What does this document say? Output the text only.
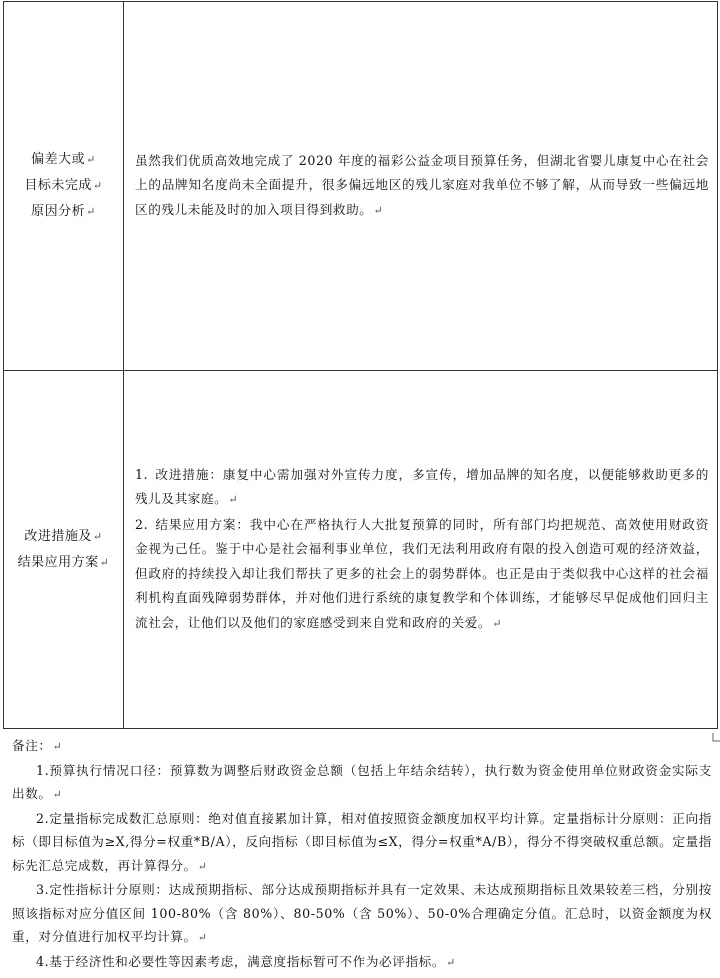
偏差大或↵
目标未完成↵
原因分析↵

虽然我们优质高效地完成了 2020 年度的福彩公益金项目预算任务，但湖北省婴儿康复中心在社会上的品牌知名度尚未全面提升，很多偏远地区的残儿家庭对我单位不够了解，从而导致一些偏远地区的残儿未能及时的加入项目得到救助。↵

改进措施及↵
结果应用方案↵

1. 改进措施：康复中心需加强对外宣传力度，多宣传，增加品牌的知名度，以便能够救助更多的残儿及其家庭。↵

2. 结果应用方案：我中心在严格执行人大批复预算的同时，所有部门均把规范、高效使用财政资金视为己任。鉴于中心是社会福利事业单位，我们无法利用政府有限的投入创造可观的经济效益，但政府的持续投入却让我们帮扶了更多的社会上的弱势群体。也正是由于类似我中心这样的社会福利机构直面残障弱势群体，并对他们进行系统的康复教学和个体训练，才能够尽早促成他们回归主流社会，让他们以及他们的家庭感受到来自党和政府的关爱。↵

备注：↵

1.预算执行情况口径：预算数为调整后财政资金总额（包括上年结余结转），执行数为资金使用单位财政资金实际支出数。↵

2.定量指标完成数汇总原则：绝对值直接累加计算，相对值按照资金额度加权平均计算。定量指标计分原则：正向指标（即目标值为≥X,得分=权重*B/A），反向指标（即目标值为≤X，得分=权重*A/B），得分不得突破权重总额。定量指标先汇总完成数，再计算得分。↵

3.定性指标计分原则：达成预期指标、部分达成预期指标并具有一定效果、未达成预期指标且效果较差三档，分别按照该指标对应分值区间 100-80%（含 80%）、80-50%（含 50%）、50-0%合理确定分值。汇总时，以资金额度为权重，对分值进行加权平均计算。↵

4.基于经济性和必要性等因素考虑，满意度指标暂可不作为必评指标。↵
